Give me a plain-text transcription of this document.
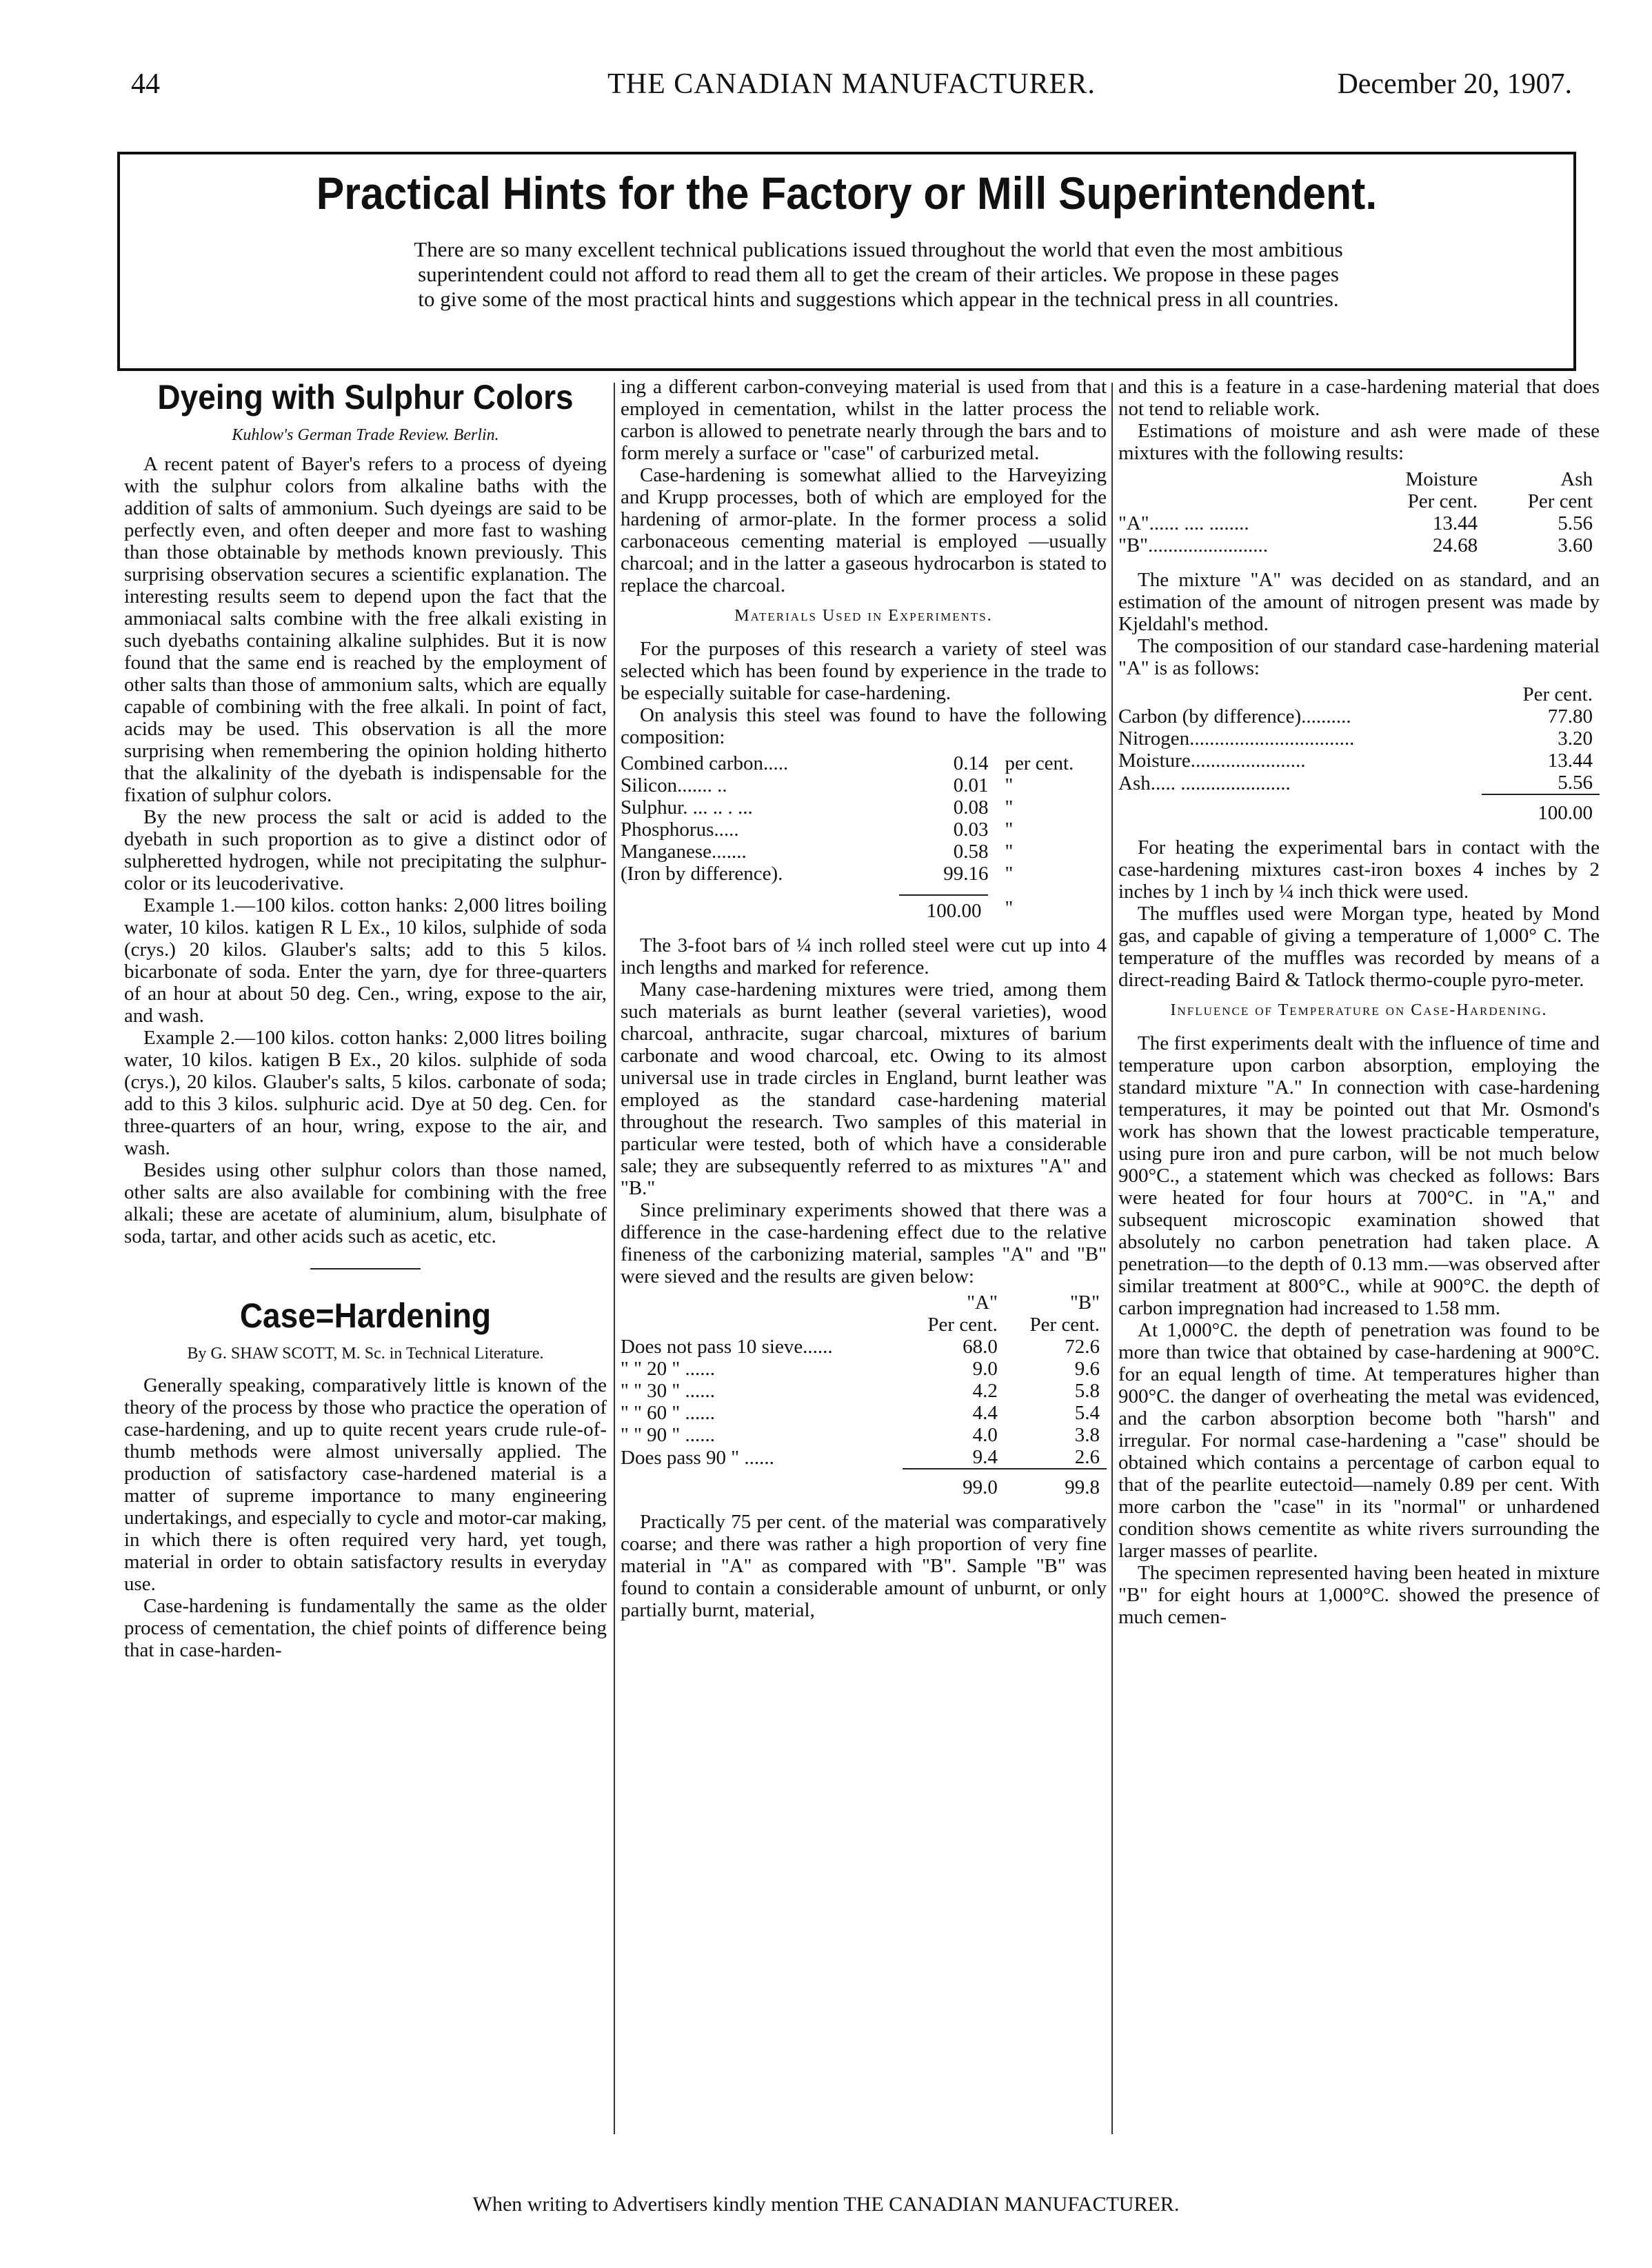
44	THE CANADIAN MANUFACTURER.	December 20, 1907.
Practical Hints for the Factory or Mill Superintendent.
There are so many excellent technical publications issued throughout the world that even the most ambitious superintendent could not afford to read them all to get the cream of their articles. We propose in these pages to give some of the most practical hints and suggestions which appear in the technical press in all countries.
Dyeing with Sulphur Colors

Kuhlow's German Trade Review. Berlin.

A recent patent of Bayer's refers to a process of dyeing with the sulphur colors from alkaline baths with the addition of salts of ammonium. Such dyeings are said to be perfectly even, and often deeper and more fast to washing than those obtainable by methods known previously. This surprising observation secures a scientific explanation. The interesting results seem to depend upon the fact that the ammoniacal salts combine with the free alkali existing in such dyebaths containing alkaline sulphides. But it is now found that the same end is reached by the employment of other salts than those of ammonium salts, which are equally capable of combining with the free alkali. In point of fact, acids may be used. This observation is all the more surprising when remembering the opinion holding hitherto that the alkalinity of the dyebath is indispensable for the fixation of sulphur colors.

By the new process the salt or acid is added to the dyebath in such proportion as to give a distinct odor of sulpheretted hydrogen, while not precipitating the sulphur-color or its leucoderivative.

Example 1.—100 kilos. cotton hanks: 2,000 litres boiling water, 10 kilos. katigen R L Ex., 10 kilos, sulphide of soda (crys.) 20 kilos. Glauber's salts; add to this 5 kilos. bicarbonate of soda. Enter the yarn, dye for three-quarters of an hour at about 50 deg. Cen., wring, expose to the air, and wash.

Example 2.—100 kilos. cotton hanks: 2,000 litres boiling water, 10 kilos. katigen B Ex., 20 kilos. sulphide of soda (crys.), 20 kilos. Glauber's salts, 5 kilos. carbonate of soda; add to this 3 kilos. sulphuric acid. Dye at 50 deg. Cen. for three-quarters of an hour, wring, expose to the air, and wash.

Besides using other sulphur colors than those named, other salts are also available for combining with the free alkali; these are acetate of aluminium, alum, bisulphate of soda, tartar, and other acids such as acetic, etc.

Case=Hardening

By G. SHAW SCOTT, M. Sc. in Technical Literature.

Generally speaking, comparatively little is known of the theory of the process by those who practice the operation of case-hardening, and up to quite recent years crude rule-of-thumb methods were almost universally applied. The production of satisfactory case-hardened material is a matter of supreme importance to many engineering undertakings, and especially to cycle and motor-car making, in which there is often required very hard, yet tough, material in order to obtain satisfactory results in everyday use.

Case-hardening is fundamentally the same as the older process of cementation, the chief points of difference being that in case-harden-

ing a different carbon-conveying material is used from that employed in cementation, whilst in the latter process the carbon is allowed to penetrate nearly through the bars and to form merely a surface or "case" of carburized metal.

Case-hardening is somewhat allied to the Harveyizing and Krupp processes, both of which are employed for the hardening of armor-plate. In the former process a solid carbonaceous cementing material is employed —usually charcoal; and in the latter a gaseous hydrocarbon is stated to replace the charcoal.

Materials Used in Experiments.

For the purposes of this research a variety of steel was selected which has been found by experience in the trade to be especially suitable for case-hardening.

On analysis this steel was found to have the following composition:

Combined carbon.....	0.14	per cent.
Silicon....... ..	0.01	"
Sulphur. ... .. . ...	0.08	"
Phosphorus.....	0.03	"
Manganese.......	0.58	"
(Iron by difference).	99.16	"
	100.00	"

The 3-foot bars of ¼ inch rolled steel were cut up into 4 inch lengths and marked for reference.

Many case-hardening mixtures were tried, among them such materials as burnt leather (several varieties), wood charcoal, anthracite, sugar charcoal, mixtures of barium carbonate and wood charcoal, etc. Owing to its almost universal use in trade circles in England, burnt leather was employed as the standard case-hardening material throughout the research. Two samples of this material in particular were tested, both of which have a considerable sale; they are subsequently referred to as mixtures "A" and "B."

Since preliminary experiments showed that there was a difference in the case-hardening effect due to the relative fineness of the carbonizing material, samples "A" and "B" were sieved and the results are given below:

	"A"	"B"
	Per cent.	Per cent.
Does not pass 10 sieve......	68.0	72.6
" " 20 " ......	9.0	9.6
" " 30 " ......	4.2	5.8
" " 60 " ......	4.4	5.4
" " 90 " ......	4.0	3.8
Does pass 90 " ......	9.4	2.6
	99.0	99.8

Practically 75 per cent. of the material was comparatively coarse; and there was rather a high proportion of very fine material in "A" as compared with "B". Sample "B" was found to contain a considerable amount of unburnt, or only partially burnt, material,

and this is a feature in a case-hardening material that does not tend to reliable work.

Estimations of moisture and ash were made of these mixtures with the following results:

	Moisture	Ash
	Per cent.	Per cent
"A"...... .... ........	13.44	5.56
"B"........................	24.68	3.60

The mixture "A" was decided on as standard, and an estimation of the amount of nitrogen present was made by Kjeldahl's method.

The composition of our standard case-hardening material "A" is as follows:

	Per cent.
Carbon (by difference)..........	77.80
Nitrogen.................................	3.20
Moisture.......................	13.44
Ash..... ......................	5.56
	100.00

For heating the experimental bars in contact with the case-hardening mixtures cast-iron boxes 4 inches by 2 inches by 1 inch by ¼ inch thick were used.

The muffles used were Morgan type, heated by Mond gas, and capable of giving a temperature of 1,000° C. The temperature of the muffles was recorded by means of a direct-reading Baird & Tatlock thermo-couple pyro-meter.

Influence of Temperature on Case-Hardening.

The first experiments dealt with the influence of time and temperature upon carbon absorption, employing the standard mixture "A." In connection with case-hardening temperatures, it may be pointed out that Mr. Osmond's work has shown that the lowest practicable temperature, using pure iron and pure carbon, will be not much below 900°C., a statement which was checked as follows: Bars were heated for four hours at 700°C. in "A," and subsequent microscopic examination showed that absolutely no carbon penetration had taken place. A penetration—to the depth of 0.13 mm.—was observed after similar treatment at 800°C., while at 900°C. the depth of carbon impregnation had increased to 1.58 mm.

At 1,000°C. the depth of penetration was found to be more than twice that obtained by case-hardening at 900°C. for an equal length of time. At temperatures higher than 900°C. the danger of overheating the metal was evidenced, and the carbon absorption become both "harsh" and irregular. For normal case-hardening a "case" should be obtained which contains a percentage of carbon equal to that of the pearlite eutectoid—namely 0.89 per cent. With more carbon the "case" in its "normal" or unhardened condition shows cementite as white rivers surrounding the larger masses of pearlite.

The specimen represented having been heated in mixture "B" for eight hours at 1,000°C. showed the presence of much cemen-

When writing to Advertisers kindly mention THE CANADIAN MANUFACTURER.
